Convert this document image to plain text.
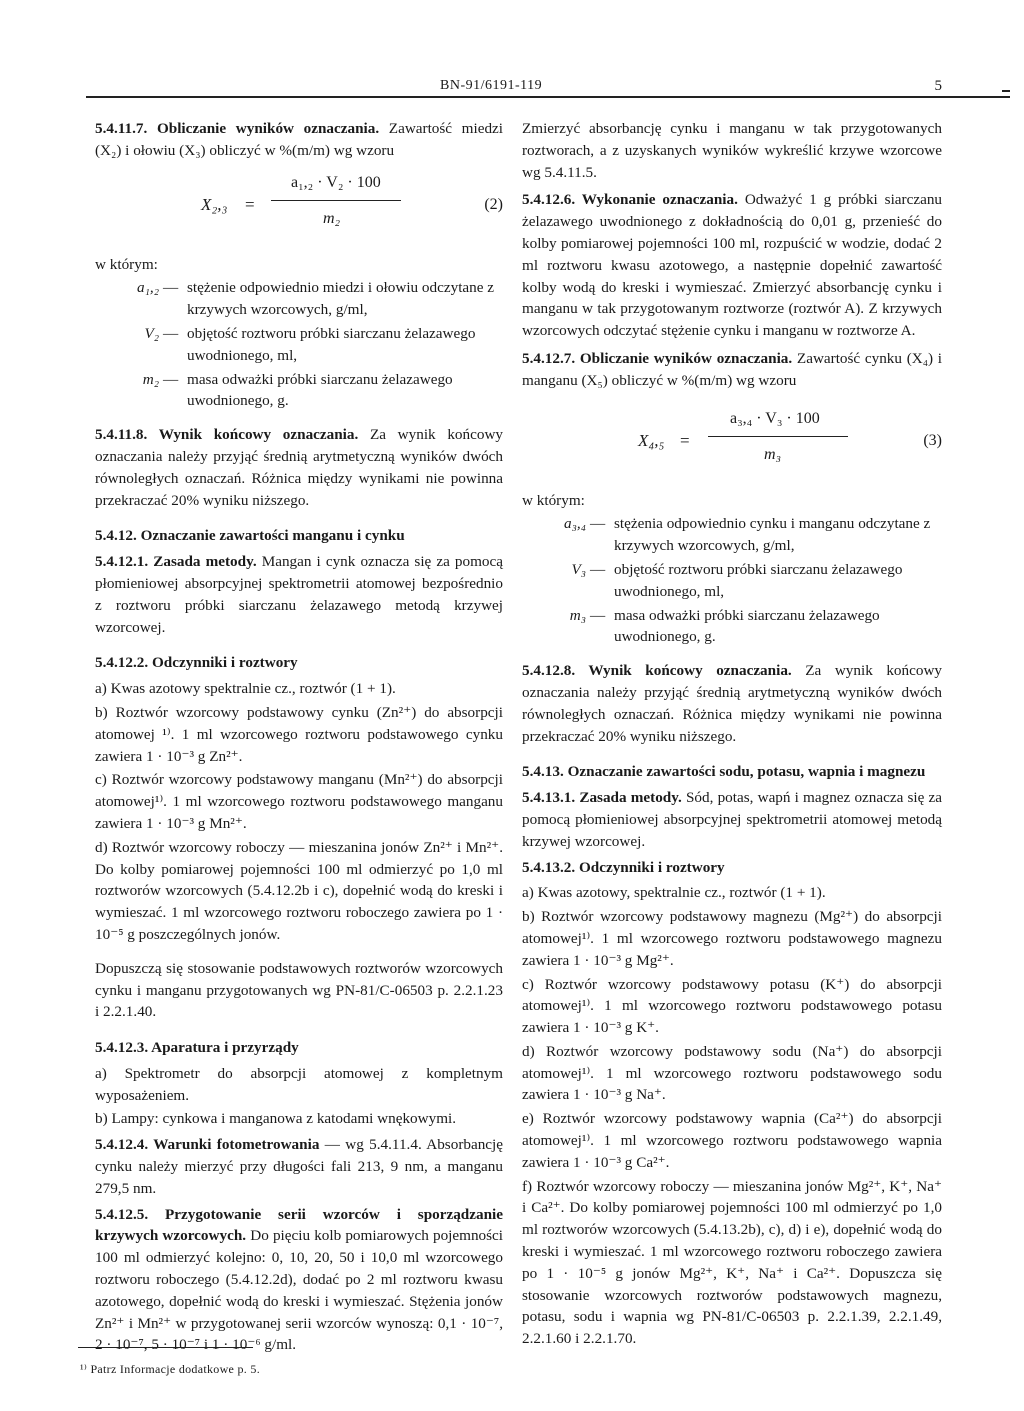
BN-91/6191-119	5

5.4.11.7. Obliczanie wyników oznaczania. Zawartość miedzi (X₂) i ołowiu (X₃) obliczyć w %(m/m) wg wzoru

X₂,₃ =
a₁,₂ · V₂ · 100
m₂
(2)

w którym:

a₁,₂ — stężenie odpowiednio miedzi i ołowiu odczytane z krzywych wzorcowych, g/ml,
V₂ — objętość roztworu próbki siarczanu żelazawego uwodnionego, ml,
m₂ — masa odważki próbki siarczanu żelazawego uwodnionego, g.

5.4.11.8. Wynik końcowy oznaczania. Za wynik końcowy oznaczania należy przyjąć średnią arytmetyczną wyników dwóch równoległych oznaczań. Różnica między wynikami nie powinna przekraczać 20% wyniku niższego.

5.4.12. Oznaczanie zawartości manganu i cynku

5.4.12.1. Zasada metody. Mangan i cynk oznacza się za pomocą płomieniowej absorpcyjnej spektrometrii atomowej bezpośrednio z roztworu próbki siarczanu żelazawego metodą krzywej wzorcowej.

5.4.12.2. Odczynniki i roztwory

a) Kwas azotowy spektralnie cz., roztwór (1 + 1).

b) Roztwór wzorcowy podstawowy cynku (Zn²⁺) do absorpcji atomowej ¹⁾. 1 ml wzorcowego roztworu podstawowego cynku zawiera 1 · 10⁻³ g Zn²⁺.

c) Roztwór wzorcowy podstawowy manganu (Mn²⁺) do absorpcji atomowej¹⁾. 1 ml wzorcowego roztworu podstawowego manganu zawiera 1 · 10⁻³ g Mn²⁺.

d) Roztwór wzorcowy roboczy — mieszanina jonów Zn²⁺ i Mn²⁺. Do kolby pomiarowej pojemności 100 ml odmierzyć po 1,0 ml roztworów wzorcowych (5.4.12.2b i c), dopełnić wodą do kreski i wymieszać. 1 ml wzorcowego roztworu roboczego zawiera po 1 · 10⁻⁵ g poszczególnych jonów.

Dopuszczą się stosowanie podstawowych roztworów wzorcowych cynku i manganu przygotowanych wg PN-81/C-06503 p. 2.2.1.23 i 2.2.1.40.

5.4.12.3. Aparatura i przyrządy

a) Spektrometr do absorpcji atomowej z kompletnym wyposażeniem.

b) Lampy: cynkowa i manganowa z katodami wnękowymi.

5.4.12.4. Warunki fotometrowania — wg 5.4.11.4. Absorbancję cynku należy mierzyć przy długości fali 213, 9 nm, a manganu 279,5 nm.

5.4.12.5. Przygotowanie serii wzorców i sporządzanie krzywych wzorcowych. Do pięciu kolb pomiarowych pojemności 100 ml odmierzyć kolejno: 0, 10, 20, 50 i 10,0 ml wzorcowego roztworu roboczego (5.4.12.2d), dodać po 2 ml roztworu kwasu azotowego, dopełnić wodą do kreski i wymieszać. Stężenia jonów Zn²⁺ i Mn²⁺ w przygotowanej serii wzorców wynoszą: 0,1 · 10⁻⁷, 2 · 10⁻⁷, 5 · 10⁻⁷ i 1 · 10⁻⁶ g/ml.

Zmierzyć absorbancję cynku i manganu w tak przygotowanych roztworach, a z uzyskanych wyników wykreślić krzywe wzorcowe wg 5.4.11.5.

5.4.12.6. Wykonanie oznaczania. Odważyć 1 g próbki siarczanu żelazawego uwodnionego z dokładnością do 0,01 g, przenieść do kolby pomiarowej pojemności 100 ml, rozpuścić w wodzie, dodać 2 ml roztworu kwasu azotowego, a następnie dopełnić zawartość kolby wodą do kreski i wymieszać. Zmierzyć absorbancję cynku i manganu w tak przygotowanym roztworze (roztwór A). Z krzywych wzorcowych odczytać stężenie cynku i manganu w roztworze A.

5.4.12.7. Obliczanie wyników oznaczania. Zawartość cynku (X₄) i manganu (X₅) obliczyć w %(m/m) wg wzoru

X₄,₅ =
a₃,₄ · V₃ · 100
m₃
(3)

w którym:

a₃,₄ — stężenia odpowiednio cynku i manganu odczytane z krzywych wzorcowych, g/ml,
V₃ — objętość roztworu próbki siarczanu żelazawego uwodnionego, ml,
m₃ — masa odważki próbki siarczanu żelazawego uwodnionego, g.

5.4.12.8. Wynik końcowy oznaczania. Za wynik końcowy oznaczania należy przyjąć średnią arytmetyczną wyników dwóch równoległych oznaczań. Różnica między wynikami nie powinna przekraczać 20% wyniku niższego.

5.4.13. Oznaczanie zawartości sodu, potasu, wapnia i magnezu

5.4.13.1. Zasada metody. Sód, potas, wapń i magnez oznacza się za pomocą płomieniowej absorpcyjnej spektrometrii atomowej metodą krzywej wzorcowej.

5.4.13.2. Odczynniki i roztwory

a) Kwas azotowy, spektralnie cz., roztwór (1 + 1).

b) Roztwór wzorcowy podstawowy magnezu (Mg²⁺) do absorpcji atomowej¹⁾. 1 ml wzorcowego roztworu podstawowego magnezu zawiera 1 · 10⁻³ g Mg²⁺.

c) Roztwór wzorcowy podstawowy potasu (K⁺) do absorpcji atomowej¹⁾. 1 ml wzorcowego roztworu podstawowego potasu zawiera 1 · 10⁻³ g K⁺.

d) Roztwór wzorcowy podstawowy sodu (Na⁺) do absorpcji atomowej¹⁾. 1 ml wzorcowego roztworu podstawowego sodu zawiera 1 · 10⁻³ g Na⁺.

e) Roztwór wzorcowy podstawowy wapnia (Ca²⁺) do absorpcji atomowej¹⁾. 1 ml wzorcowego roztworu podstawowego wapnia zawiera 1 · 10⁻³ g Ca²⁺.

f) Roztwór wzorcowy roboczy — mieszanina jonów Mg²⁺, K⁺, Na⁺ i Ca²⁺. Do kolby pomiarowej pojemności 100 ml odmierzyć po 1,0 ml roztworów wzorcowych (5.4.13.2b), c), d) i e), dopełnić wodą do kreski i wymieszać. 1 ml wzorcowego roztworu roboczego zawiera po 1 · 10⁻⁵ g jonów Mg²⁺, K⁺, Na⁺ i Ca²⁺. Dopuszcza się stosowanie wzorcowych roztworów podstawowych magnezu, potasu, sodu i wapnia wg PN-81/C-06503 p. 2.2.1.39, 2.2.1.49, 2.2.1.60 i 2.2.1.70.

¹⁾ Patrz Informacje dodatkowe p. 5.
